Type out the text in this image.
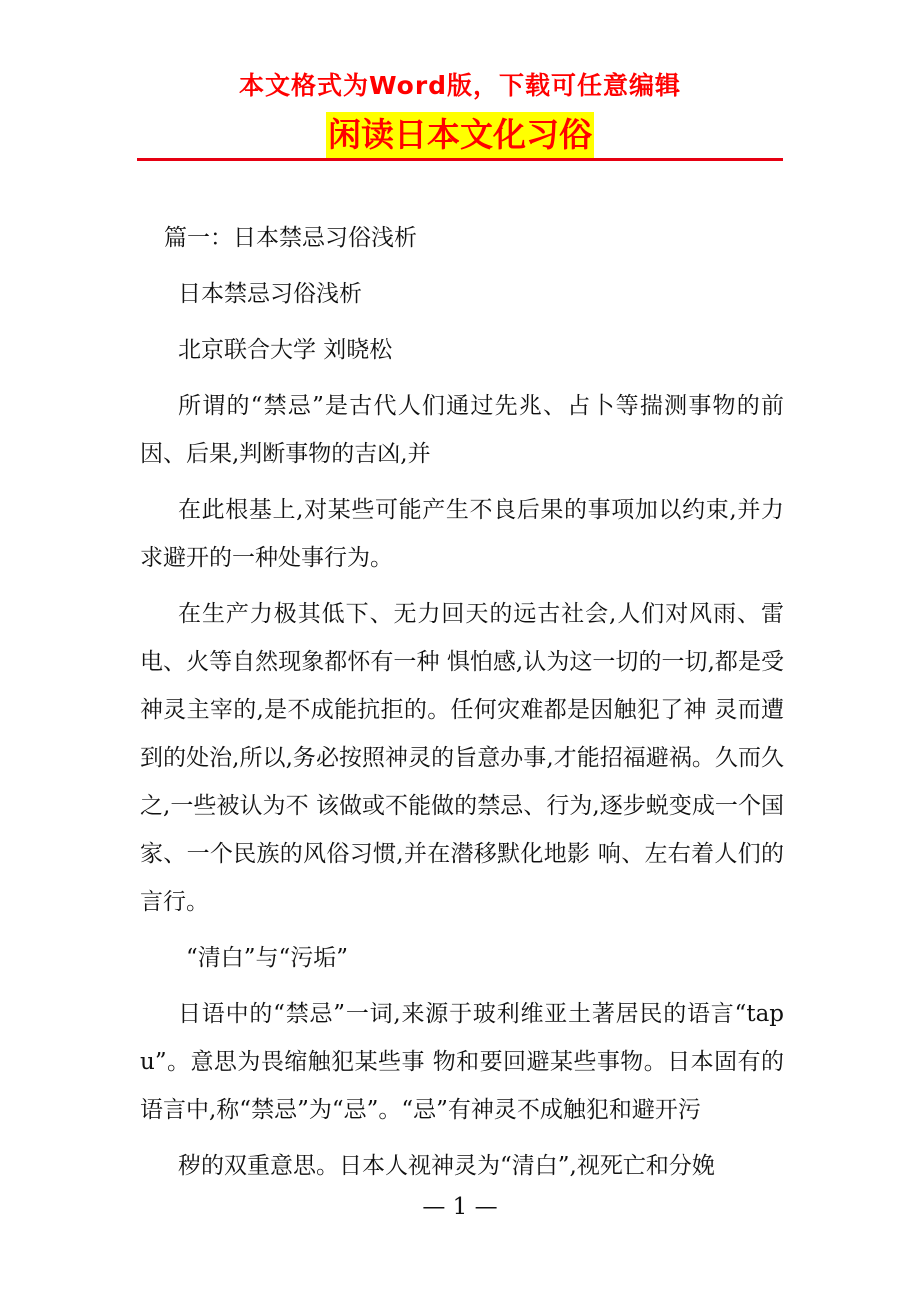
本文格式为Word版，下载可任意编辑
闲读日本文化习俗

篇一：日本禁忌习俗浅析

日本禁忌习俗浅析

北京联合大学 刘晓松

所谓的“禁忌”是古代人们通过先兆、占卜等揣测事物的前因、后果,判断事物的吉凶,并

在此根基上,对某些可能产生不良后果的事项加以约束,并力求避开的一种处事行为。

在生产力极其低下、无力回天的远古社会,人们对风雨、雷电、火等自然现象都怀有一种 惧怕感,认为这一切的一切,都是受神灵主宰的,是不成能抗拒的。任何灾难都是因触犯了神 灵而遭到的处治,所以,务必按照神灵的旨意办事,才能招福避祸。久而久之,一些被认为不 该做或不能做的禁忌、行为,逐步蜕变成一个国家、一个民族的风俗习惯,并在潜移默化地影 响、左右着人们的言行。

“清白”与“污垢”

日语中的“禁忌”一词,来源于玻利维亚土著居民的语言“tapu”。意思为畏缩触犯某些事 物和要回避某些事物。日本固有的语言中,称“禁忌”为“忌”。“忌”有神灵不成触犯和避开污

秽的双重意思。日本人视神灵为“清白”,视死亡和分娩

— 1 —
